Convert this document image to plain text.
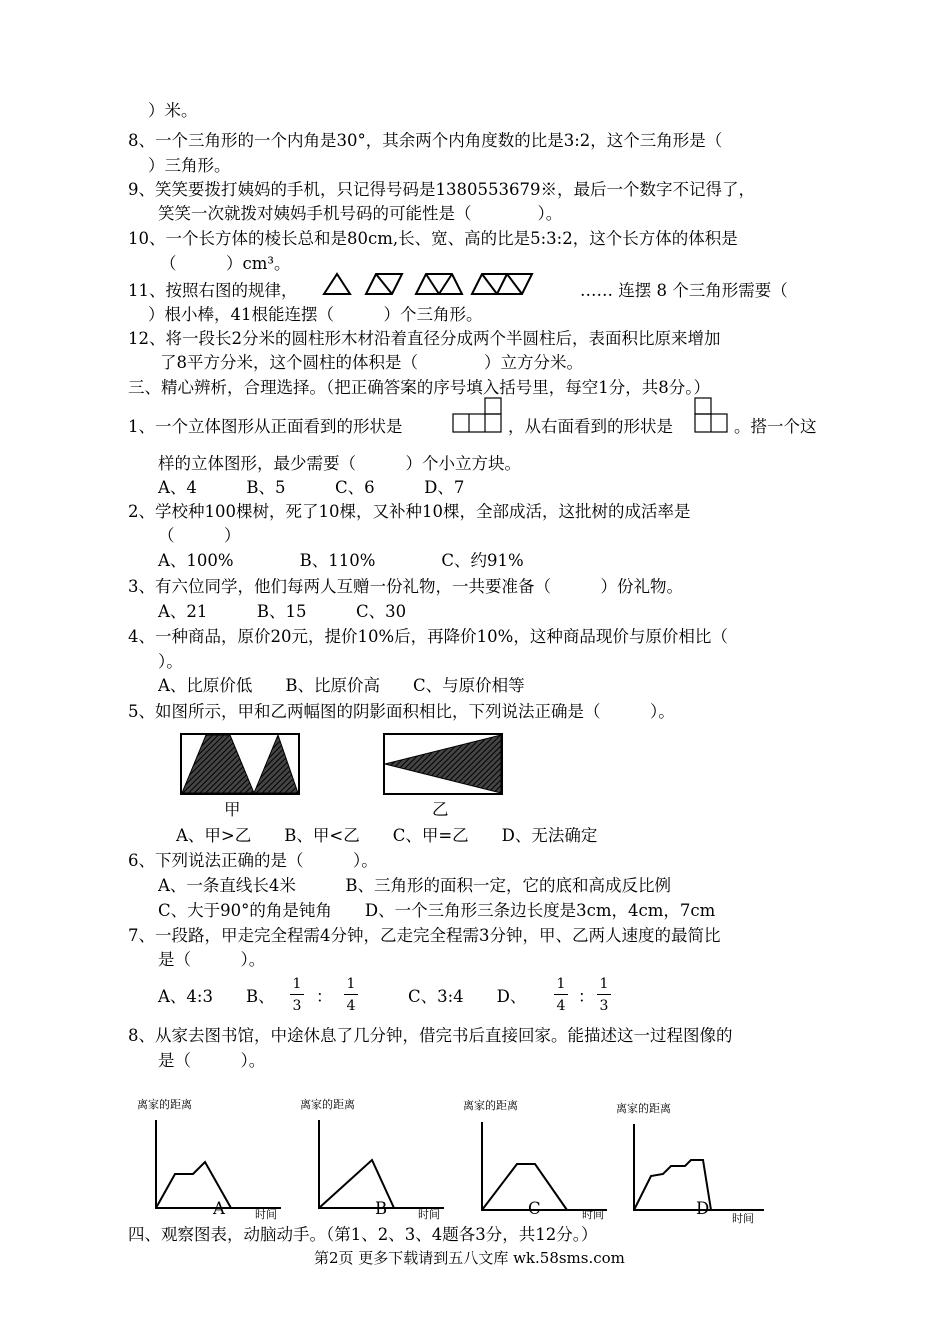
）米。
8、一个三角形的一个内角是30°，其余两个内角度数的比是3:2，这个三角形是（
）三角形。
9、笑笑要拨打姨妈的手机，只记得号码是1380553679※，最后一个数字不记得了，
笑笑一次就拨对姨妈手机号码的可能性是（　　　　）。
10、一个长方体的棱长总和是80cm,长、宽、高的比是5:3:2，这个长方体的体积是
（　　　）cm³。
11、按照右图的规律，	…… 连摆 8 个三角形需要（
）根小棒，41根能连摆（　　　）个三角形。
12、将一段长2分米的圆柱形木材沿着直径分成两个半圆柱后，表面积比原来增加
了8平方分米，这个圆柱的体积是（　　　　）立方分米。
三、精心辨析，合理选择。（把正确答案的序号填入括号里，每空1分，共8分。）
1、一个立体图形从正面看到的形状是	，从右面看到的形状是	。搭一个这
样的立体图形，最少需要（　　　）个小立方块。
A、4　　　B、5　　　C、6　　　D、7
2、学校种100棵树，死了10棵，又补种10棵，全部成活，这批树的成活率是
（　　　）
A、100%　　　　B、110%　　　　C、约91%
3、有六位同学，他们每两人互赠一份礼物，一共要准备（　　　）份礼物。
A、21　　　B、15　　　C、30
4、一种商品，原价20元，提价10%后，再降价10%，这种商品现价与原价相比（
）。
A、比原价低　　B、比原价高　　C、与原价相等
5、如图所示，甲和乙两幅图的阴影面积相比，下列说法正确是（　　　）。
甲	乙
A、甲>乙　　B、甲<乙　　C、甲=乙　　D、无法确定
6、下列说法正确的是（　　　）。
A、一条直线长4米　　　B、三角形的面积一定，它的底和高成反比例
C、大于90°的角是钝角　　D、一个三角形三条边长度是3cm，4cm，7cm
7、一段路，甲走完全程需4分钟，乙走完全程需3分钟，甲、乙两人速度的最简比
是（　　　）。
A、4:3　　B、
1
3 ：
1
4	C、3:4　　D、
1
4 ：
1
3
8、从家去图书馆，中途休息了几分钟，借完书后直接回家。能描述这一过程图像的
是（　　　）。
离家的距离
A	时间
离家的距离
B	时间
离家的距离
C	时间
离家的距离
D
时间
四、观察图表，动脑动手。（第1、2、3、4题各3分，共12分。）
第2页 更多下载请到五八文库 wk.58sms.com
